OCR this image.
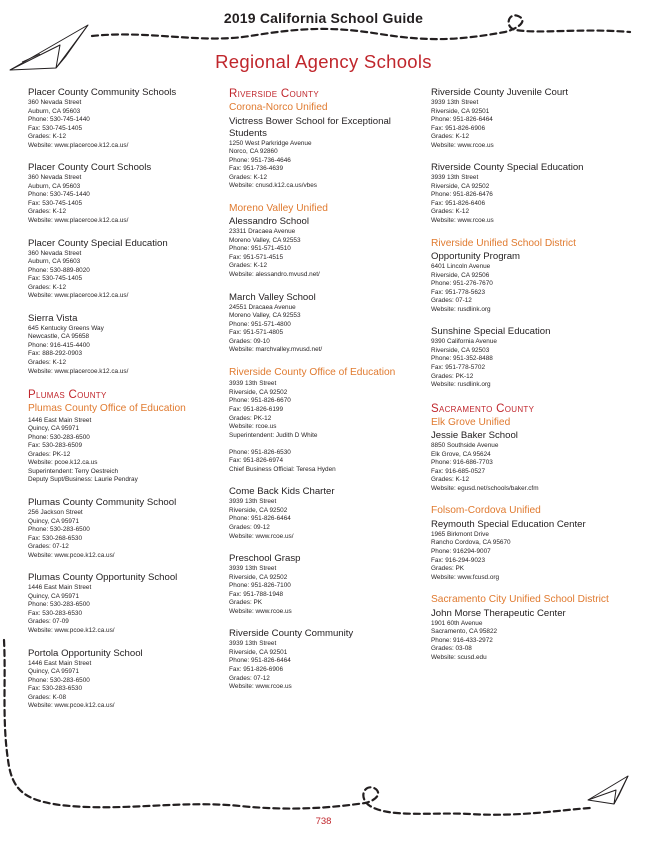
2019 California School Guide
Regional Agency Schools
Placer County Community Schools
360 Nevada Street
Auburn, CA 95603
Phone: 530-745-1440
Fax: 530-745-1405
Grades: K-12
Website: www.placercoe.k12.ca.us/
Placer County Court Schools
360 Nevada Street
Auburn, CA 95603
Phone: 530-745-1440
Fax: 530-745-1405
Grades: K-12
Website: www.placercoe.k12.ca.us/
Placer County Special Education
360 Nevada Street
Auburn, CA 95603
Phone: 530-889-8020
Fax: 530-745-1405
Grades: K-12
Website: www.placercoe.k12.ca.us/
Sierra Vista
645 Kentucky Greens Way
Newcastle, CA 95658
Phone: 916-415-4400
Fax: 888-292-0903
Grades: K-12
Website: www.placercoe.k12.ca.us/
Plumas County
Plumas County Office of Education
1446 East Main Street
Quincy, CA 95971
Phone: 530-283-6500
Fax: 530-283-6509
Grades: PK-12
Website: pcoe.k12.ca.us
Superintendent: Terry Oestreich
Deputy Supt/Business: Laurie Pendray
Plumas County Community School
256 Jackson Street
Quincy, CA 95971
Phone: 530-283-6500
Fax: 530-268-6530
Grades: 07-12
Website: www.pcoe.k12.ca.us/
Plumas County Opportunity School
1446 East Main Street
Quincy, CA 95971
Phone: 530-283-6500
Fax: 530-283-6530
Grades: 07-09
Website: www.pcoe.k12.ca.us/
Portola Opportunity School
1446 East Main Street
Quincy, CA 95971
Phone: 530-283-6500
Fax: 530-283-6530
Grades: K-08
Website: www.pcoe.k12.ca.us/
Riverside County
Corona-Norco Unified
Victress Bower School for Exceptional Students
1250 West Parkridge Avenue
Norco, CA 92860
Phone: 951-736-4646
Fax: 951-736-4639
Grades: K-12
Website: cnusd.k12.ca.us/vbes
Moreno Valley Unified
Alessandro School
23311 Dracaea Avenue
Moreno Valley, CA 92553
Phone: 951-571-4510
Fax: 951-571-4515
Grades: K-12
Website: alessandro.mvusd.net/
March Valley School
24551 Dracaea Avenue
Moreno Valley, CA 92553
Phone: 951-571-4800
Fax: 951-571-4805
Grades: 09-10
Website: marchvalley.mvusd.net/
Riverside County Office of Education
3939 13th Street
Riverside, CA 92502
Phone: 951-826-6670
Fax: 951-826-6199
Grades: PK-12
Website: rcoe.us
Superintendent: Judith D White

Phone: 951-826-6530
Fax: 951-826-6974
Chief Business Official: Teresa Hyden
Come Back Kids Charter
3939 13th Street
Riverside, CA 92502
Phone: 951-826-6464
Grades: 09-12
Website: www.rcoe.us/
Preschool Grasp
3939 13th Street
Riverside, CA 92502
Phone: 951-826-7100
Fax: 951-788-1948
Grades: PK
Website: www.rcoe.us
Riverside County Community
3939 13th Street
Riverside, CA 92501
Phone: 951-826-6464
Fax: 951-826-6906
Grades: 07-12
Website: www.rcoe.us
Riverside County Juvenile Court
3939 13th Street
Riverside, CA 92501
Phone: 951-826-6464
Fax: 951-826-6906
Grades: K-12
Website: www.rcoe.us
Riverside County Special Education
3939 13th Street
Riverside, CA 92502
Phone: 951-826-6476
Fax: 951-826-6406
Grades: K-12
Website: www.rcoe.us
Riverside Unified School District
Opportunity Program
6401 Lincoln Avenue
Riverside, CA 92506
Phone: 951-276-7670
Fax: 951-778-5623
Grades: 07-12
Website: rusdlink.org
Sunshine Special Education
9390 California Avenue
Riverside, CA 92503
Phone: 951-352-8488
Fax: 951-778-5702
Grades: PK-12
Website: rusdlink.org
Sacramento County
Elk Grove Unified
Jessie Baker School
8850 Southside Avenue
Elk Grove, CA 95624
Phone: 916-686-7703
Fax: 916-685-0527
Grades: K-12
Website: egusd.net/schools/baker.cfm
Folsom-Cordova Unified
Reymouth Special Education Center
1965 Birkmont Drive
Rancho Cordova, CA 95670
Phone: 916294-9007
Fax: 916-294-9023
Grades: PK
Website: www.fcusd.org
Sacramento City Unified School District
John Morse Therapeutic Center
1901 60th Avenue
Sacramento, CA 95822
Phone: 916-433-2972
Grades: 03-08
Website: scusd.edu
738
